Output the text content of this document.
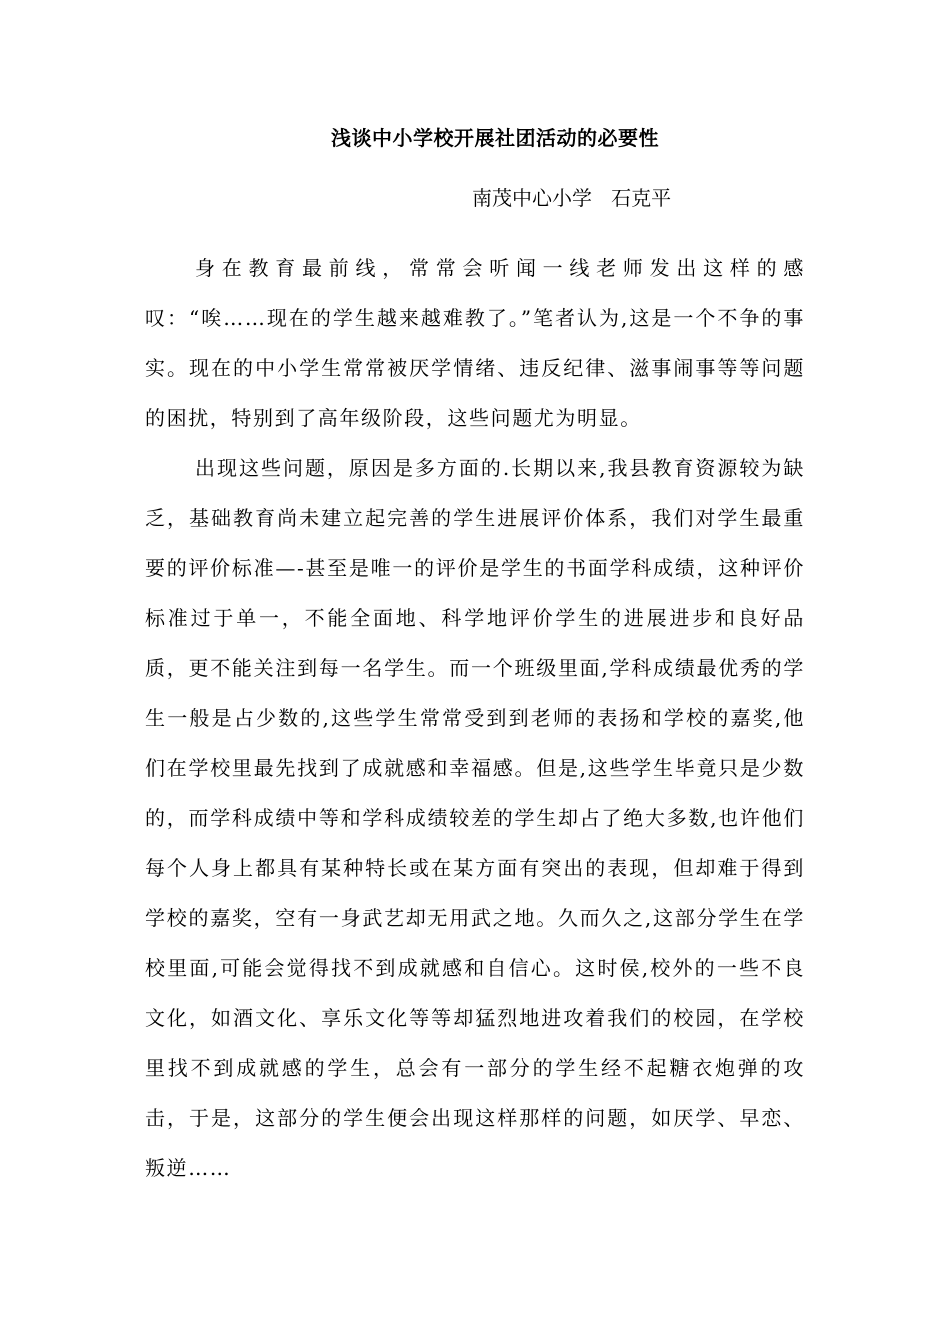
浅谈中小学校开展社团活动的必要性
南茂中心小学   石克平

身在教育最前线，常常会听闻一线老师发出这样的感叹：“唉……现在的学生越来越难教了。”笔者认为,这是一个不争的事实。现在的中小学生常常被厌学情绪、违反纪律、滋事闹事等等问题的困扰，特别到了高年级阶段，这些问题尤为明显。

出现这些问题，原因是多方面的.长期以来,我县教育资源较为缺乏，基础教育尚未建立起完善的学生进展评价体系，我们对学生最重要的评价标准—-甚至是唯一的评价是学生的书面学科成绩，这种评价标准过于单一，不能全面地、科学地评价学生的进展进步和良好品质，更不能关注到每一名学生。而一个班级里面,学科成绩最优秀的学生一般是占少数的,这些学生常常受到到老师的表扬和学校的嘉奖,他们在学校里最先找到了成就感和幸福感。但是,这些学生毕竟只是少数的，而学科成绩中等和学科成绩较差的学生却占了绝大多数,也许他们每个人身上都具有某种特长或在某方面有突出的表现，但却难于得到学校的嘉奖，空有一身武艺却无用武之地。久而久之,这部分学生在学校里面,可能会觉得找不到成就感和自信心。这时侯,校外的一些不良文化，如酒文化、享乐文化等等却猛烈地进攻着我们的校园，在学校里找不到成就感的学生，总会有一部分的学生经不起糖衣炮弹的攻击，于是，这部分的学生便会出现这样那样的问题，如厌学、早恋、叛逆……
